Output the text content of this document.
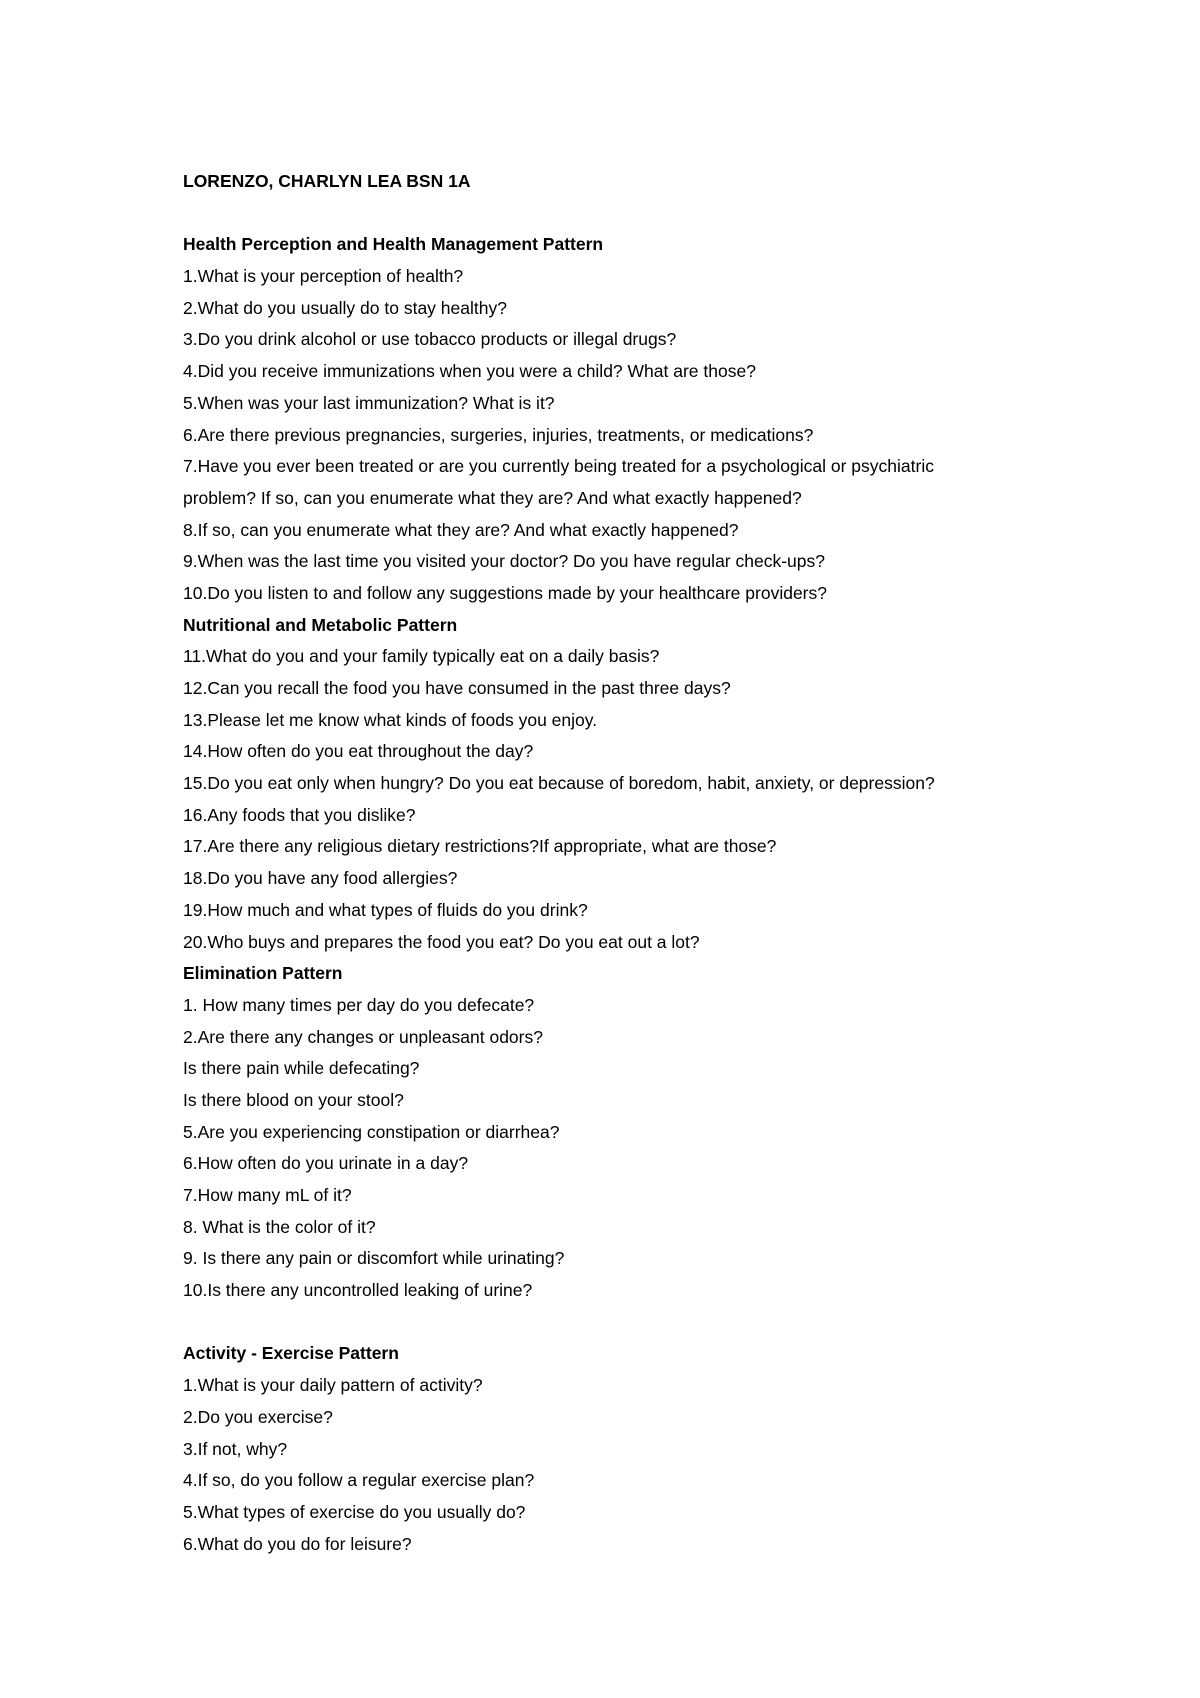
LORENZO, CHARLYN LEA BSN 1A
Health Perception and Health Management Pattern
1.What is your perception of health?
2.What do you usually do to stay healthy?
3.Do you drink alcohol or use tobacco products or illegal drugs?
4.Did you receive immunizations when you were a child? What are those?
5.When was your last immunization? What is it?
6.Are there previous pregnancies, surgeries, injuries, treatments, or medications?
7.Have you ever been treated or are you currently being treated for a psychological or psychiatric
problem? If so, can you enumerate what they are? And what exactly happened?
8.If so, can you enumerate what they are? And what exactly happened?
9.When was the last time you visited your doctor? Do you have regular check-ups?
10.Do you listen to and follow any suggestions made by your healthcare providers?
Nutritional and Metabolic Pattern
11.What do you and your family typically eat on a daily basis?
12.Can you recall the food you have consumed in the past three days?
13.Please let me know what kinds of foods you enjoy.
14.How often do you eat throughout the day?
15.Do you eat only when hungry? Do you eat because of boredom, habit, anxiety, or depression?
16.Any foods that you dislike?
17.Are there any religious dietary restrictions?If appropriate, what are those?
18.Do you have any food allergies?
19.How much and what types of fluids do you drink?
20.Who buys and prepares the food you eat? Do you eat out a lot?
Elimination Pattern
1. How many times per day do you defecate?
2.Are there any changes or unpleasant odors?
Is there pain while defecating?
Is there blood on your stool?
5.Are you experiencing constipation or diarrhea?
6.How often do you urinate in a day?
7.How many mL of it?
8. What is the color of it?
9. Is there any pain or discomfort while urinating?
10.Is there any uncontrolled leaking of urine?
Activity - Exercise Pattern
1.What is your daily pattern of activity?
2.Do you exercise?
3.If not, why?
4.If so, do you follow a regular exercise plan?
5.What types of exercise do you usually do?
6.What do you do for leisure?
